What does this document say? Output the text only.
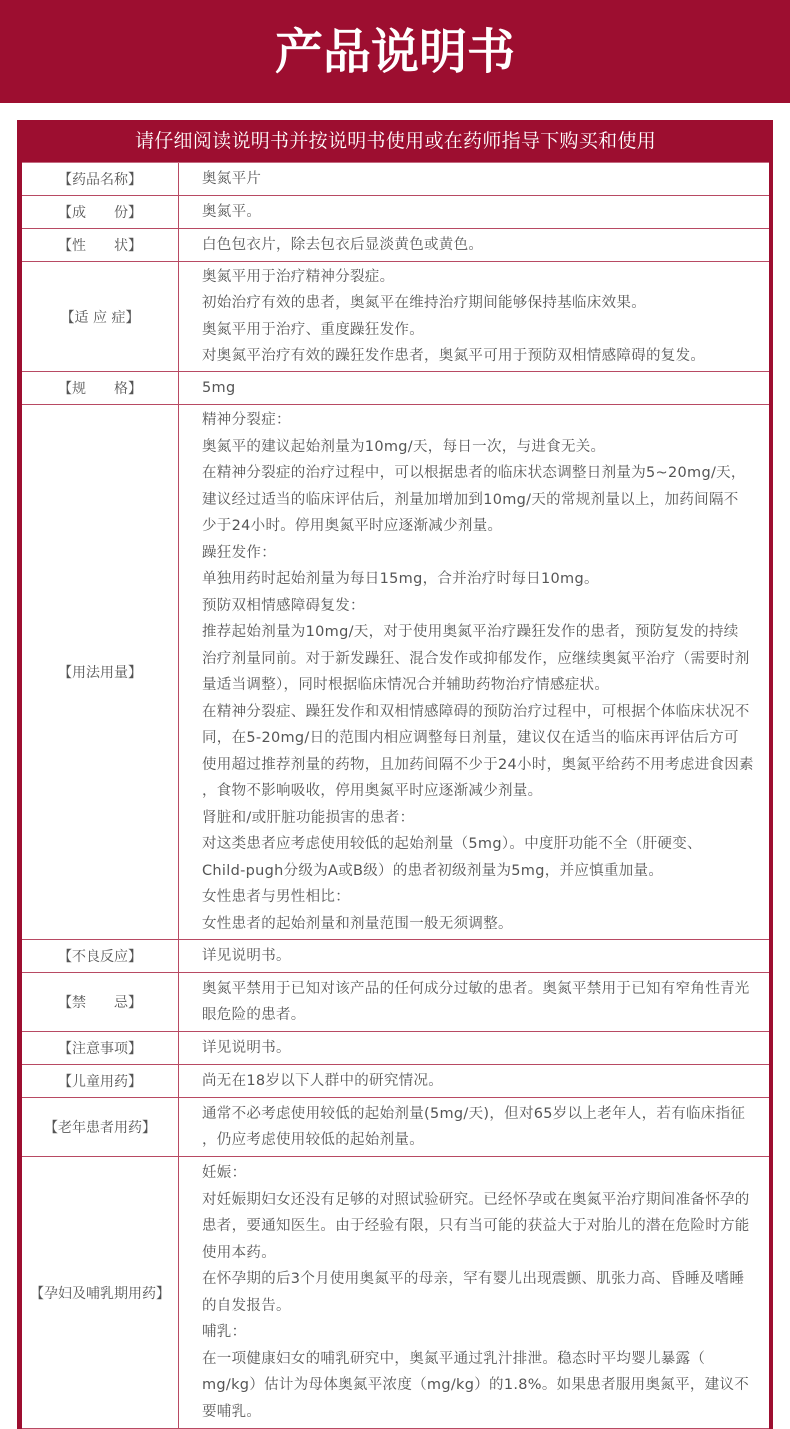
产品说明书
请仔细阅读说明书并按说明书使用或在药师指导下购买和使用
【药品名称】	奥氮平片
【成　　份】	奥氮平。
【性　　状】	白色包衣片，除去包衣后显淡黄色或黄色。
【适 应 症】
奥氮平用于治疗精神分裂症。
初始治疗有效的患者，奥氮平在维持治疗期间能够保持基临床效果。
奥氮平用于治疗、重度躁狂发作。
对奥氮平治疗有效的躁狂发作患者，奥氮平可用于预防双相情感障碍的复发。
【规　　格】	5mg
【用法用量】
精神分裂症：
奥氮平的建议起始剂量为10mg/天，每日一次，与进食无关。
在精神分裂症的治疗过程中，可以根据患者的临床状态调整日剂量为5~20mg/天，
建议经过适当的临床评估后，剂量加增加到10mg/天的常规剂量以上，加药间隔不
少于24小时。停用奥氮平时应逐渐减少剂量。
躁狂发作：
单独用药时起始剂量为每日15mg，合并治疗时每日10mg。
预防双相情感障碍复发：
推荐起始剂量为10mg/天，对于使用奥氮平治疗躁狂发作的患者，预防复发的持续
治疗剂量同前。对于新发躁狂、混合发作或抑郁发作，应继续奥氮平治疗（需要时剂
量适当调整），同时根据临床情况合并辅助药物治疗情感症状。
在精神分裂症、躁狂发作和双相情感障碍的预防治疗过程中，可根据个体临床状况不
同，在5-20mg/日的范围内相应调整每日剂量，建议仅在适当的临床再评估后方可
使用超过推荐剂量的药物，且加药间隔不少于24小时，奥氮平给药不用考虑进食因素
，食物不影响吸收，停用奥氮平时应逐渐减少剂量。
肾脏和/或肝脏功能损害的患者：
对这类患者应考虑使用较低的起始剂量（5mg）。中度肝功能不全（肝硬变、
Child-pugh分级为A或B级）的患者初级剂量为5mg，并应慎重加量。
女性患者与男性相比：
女性患者的起始剂量和剂量范围一般无须调整。
【不良反应】	详见说明书。
【禁　　忌】
奥氮平禁用于已知对该产品的任何成分过敏的患者。奥氮平禁用于已知有窄角性青光
眼危险的患者。
【注意事项】	详见说明书。
【儿童用药】	尚无在18岁以下人群中的研究情况。
【老年患者用药】
通常不必考虑使用较低的起始剂量(5mg/天)，但对65岁以上老年人，若有临床指征
，仍应考虑使用较低的起始剂量。
【孕妇及哺乳期用药】
妊娠：
对妊娠期妇女还没有足够的对照试验研究。已经怀孕或在奥氮平治疗期间准备怀孕的
患者，要通知医生。由于经验有限，只有当可能的获益大于对胎儿的潜在危险时方能
使用本药。
在怀孕期的后3个月使用奥氮平的母亲，罕有婴儿出现震颤、肌张力高、昏睡及嗜睡
的自发报告。
哺乳：
在一项健康妇女的哺乳研究中，奥氮平通过乳汁排泄。稳态时平均婴儿暴露（
mg/kg）估计为母体奥氮平浓度（mg/kg）的1.8%。如果患者服用奥氮平，建议不
要哺乳。
